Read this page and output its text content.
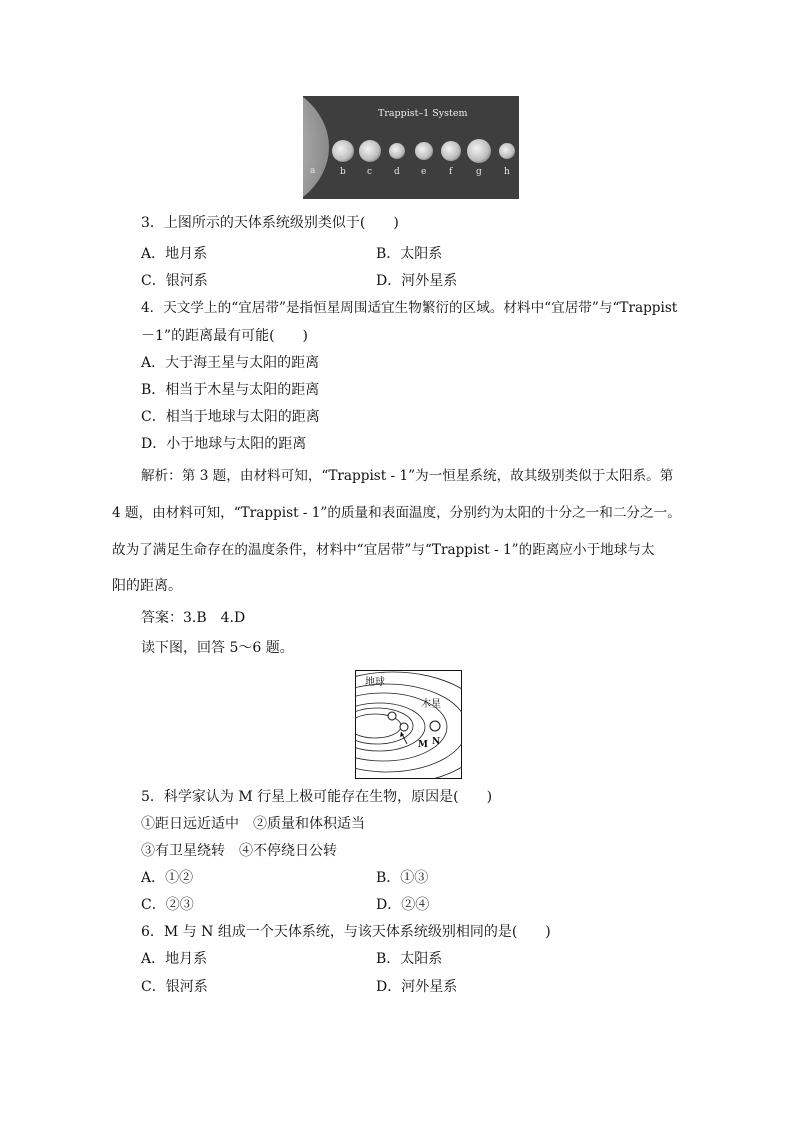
Trappist–1 System
a	b c d e	f	g h
3．上图所示的天体系统级别类似于(　　)
A．地月系	B．太阳系
C．银河系	D．河外星系
4．天文学上的“宜居带”是指恒星周围适宜生物繁衍的区域。材料中“宜居带”与“Trappist
－1”的距离最有可能(　　)
A．大于海王星与太阳的距离
B．相当于木星与太阳的距离
C．相当于地球与太阳的距离
D．小于地球与太阳的距离
解析：第 3 题，由材料可知，“Trappist - 1”为一恒星系统，故其级别类似于太阳系。第
4 题，由材料可知，“Trappist - 1”的质量和表面温度，分别约为太阳的十分之一和二分之一。
故为了满足生命存在的温度条件，材料中“宜居带”与“Trappist - 1”的距离应小于地球与太
阳的距离。
答案：3.B　4.D
读下图，回答 5～6 题。
地球
木星
M N
5．科学家认为 M 行星上极可能存在生物，原因是(　　)
①距日远近适中　②质量和体积适当
③有卫星绕转　④不停绕日公转
A．①②	B．①③
C．②③	D．②④
6．M 与 N 组成一个天体系统，与该天体系统级别相同的是(　　)
A．地月系	B．太阳系
C．银河系	D．河外星系
